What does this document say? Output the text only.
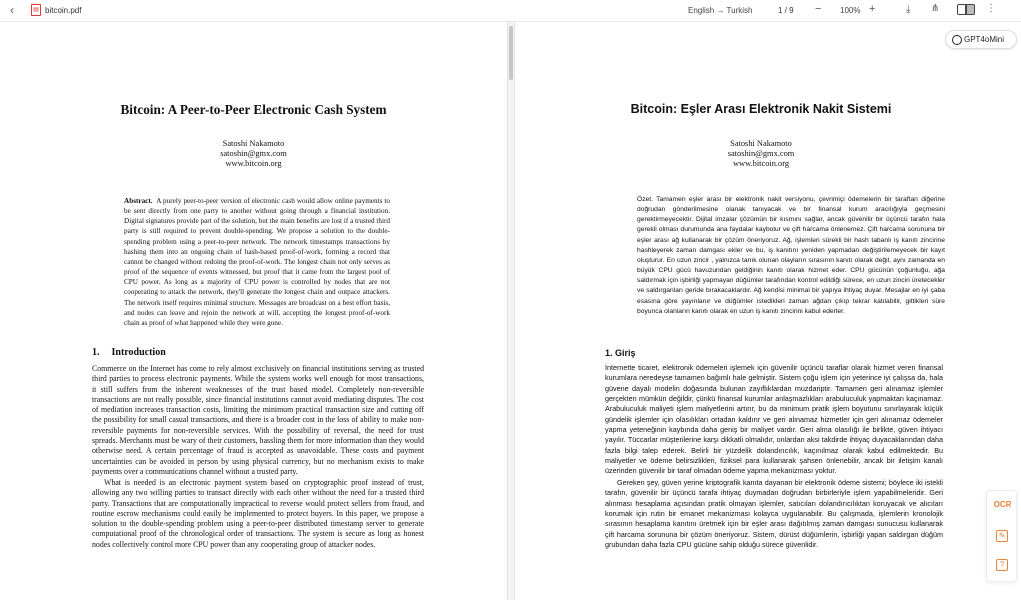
‹	▤ bitcoin.pdf	English → Turkish	1 / 9 − 100% +	⤓ ⋔	⋮
Bitcoin: A Peer-to-Peer Electronic Cash System
Satoshi Nakamoto
satoshin@gmx.com
www.bitcoin.org
Abstract. A purely peer-to-peer version of electronic cash would allow online payments to be sent directly from one party to another without going through a financial institution. Digital signatures provide part of the solution, but the main benefits are lost if a trusted third party is still required to prevent double-spending. We propose a solution to the double-spending problem using a peer-to-peer network. The network timestamps transactions by hashing them into an ongoing chain of hash-based proof-of-work, forming a record that cannot be changed without redoing the proof-of-work. The longest chain not only serves as proof of the sequence of events witnessed, but proof that it came from the largest pool of CPU power. As long as a majority of CPU power is controlled by nodes that are not cooperating to attack the network, they'll generate the longest chain and outpace attackers. The network itself requires minimal structure. Messages are broadcast on a best effort basis, and nodes can leave and rejoin the network at will, accepting the longest proof-of-work chain as proof of what happened while they were gone.
1. Introduction
Commerce on the Internet has come to rely almost exclusively on financial institutions serving as trusted third parties to process electronic payments. While the system works well enough for most transactions, it still suffers from the inherent weaknesses of the trust based model. Completely non-reversible transactions are not really possible, since financial institutions cannot avoid mediating disputes. The cost of mediation increases transaction costs, limiting the minimum practical transaction size and cutting off the possibility for small casual transactions, and there is a broader cost in the loss of ability to make non-reversible payments for non-reversible services. With the possibility of reversal, the need for trust spreads. Merchants must be wary of their customers, hassling them for more information than they would otherwise need. A certain percentage of fraud is accepted as unavoidable. These costs and payment uncertainties can be avoided in person by using physical currency, but no mechanism exists to make payments over a communications channel without a trusted party.
What is needed is an electronic payment system based on cryptographic proof instead of trust, allowing any two willing parties to transact directly with each other without the need for a trusted third party. Transactions that are computationally impractical to reverse would protect sellers from fraud, and routine escrow mechanisms could easily be implemented to protect buyers. In this paper, we propose a solution to the double-spending problem using a peer-to-peer distributed timestamp server to generate computational proof of the chronological order of transactions. The system is secure as long as honest nodes collectively control more CPU power than any cooperating group of attacker nodes.
Bitcoin: Eşler Arası Elektronik Nakit Sistemi
Satoshi Nakamoto
satoshin@gmx.com
www.bitcoin.org
Özet. Tamamen eşler arası bir elektronik nakit versiyonu, çevrimiçi ödemelerin bir taraftan diğerine doğrudan gönderilmesine olanak tanıyacak ve bir finansal kurum aracılığıyla geçmesini gerektirmeyecektir. Dijital imzalar çözümün bir kısmını sağlar, ancak güvenilir bir üçüncü tarafın hala gerekli olması durumunda ana faydalar kaybolur ve çift harcama önlenemez. Çift harcama sorununa bir eşler arası ağ kullanarak bir çözüm öneriyoruz. Ağ, işlemleri sürekli bir hash tabanlı iş kanıtı zincirine hashleyerek zaman damgası ekler ve bu, iş kanıtını yeniden yapmadan değiştirilemeyecek bir kayıt oluşturur. En uzun zincir , yalnızca tanık olunan olayların sırasının kanıtı olarak değil, aynı zamanda en büyük CPU gücü havuzundan geldiğinin kanıtı olarak hizmet eder. CPU gücünün çoğunluğu, ağa saldırmak için işbirliği yapmayan düğümler tarafından kontrol edildiği sürece, en uzun zinciri üretecekler ve saldırganları geride bırakacaklardır. Ağ kendisi minimal bir yapıya ihtiyaç duyar. Mesajlar en iyi çaba esasına göre yayınlanır ve düğümler istedikleri zaman ağdan çıkıp tekrar katılabilir, gittikleri süre boyunca olanların kanıtı olarak en uzun iş kanıtı zincirini kabul ederler.
1. Giriş
İnternette ticaret, elektronik ödemeleri işlemek için güvenilir üçüncü taraflar olarak hizmet veren finansal kurumlara neredeyse tamamen bağımlı hale gelmiştir. Sistem çoğu işlem için yeterince iyi çalışsa da, hala güvene dayalı modelin doğasında bulunan zayıflıklardan muzdariptir. Tamamen geri alınamaz işlemler gerçekten mümkün değildir, çünkü finansal kurumlar anlaşmazlıkları arabuluculuk yapmaktan kaçınamaz. Arabuluculuk maliyeti işlem maliyetlerini artırır, bu da minimum pratik işlem boyutunu sınırlayarak küçük gündelik işlemler için olasılıkları ortadan kaldırır ve geri alınamaz hizmetler için geri alınamaz ödemeler yapma yeteneğinin kaybında daha geniş bir maliyet vardır. Geri alma olasılığı ile birlikte, güven ihtiyacı yayılır. Tüccarlar müşterilerine karşı dikkatli olmalıdır, onlardan aksi takdirde ihtiyaç duyacaklarından daha fazla bilgi talep ederek. Belirli bir yüzdelik dolandırıcılık, kaçınılmaz olarak kabul edilmektedir. Bu maliyetler ve ödeme belirsizlikleri, fiziksel para kullanarak şahsen önlenebilir, ancak bir iletişim kanalı üzerinden güvenilir bir taraf olmadan ödeme yapma mekanizması yoktur.
Gereken şey, güven yerine kriptografik kanıta dayanan bir elektronik ödeme sistemi; böylece iki istekli tarafın, güvenilir bir üçüncü tarafa ihtiyaç duymadan doğrudan birbirleriyle işlem yapabilmeleridir. Geri alınması hesaplama açısından pratik olmayan işlemler, satıcıları dolandırıcılıktan koruyacak ve alıcıları korumak için rutin bir emanet mekanizması kolayca uygulanabilir. Bu çalışmada, işlemlerin kronolojik sırasının hesaplama kanıtını üretmek için bir eşler arası dağıtılmış zaman damgası sunucusu kullanarak çift harcama sorununa bir çözüm öneriyoruz. Sistem, dürüst düğümlerin, işbirliği yapan saldırgan düğüm grubundan daha fazla CPU gücüne sahip olduğu sürece güvenlidir.
GPT4oMini
OCR
✎
?
